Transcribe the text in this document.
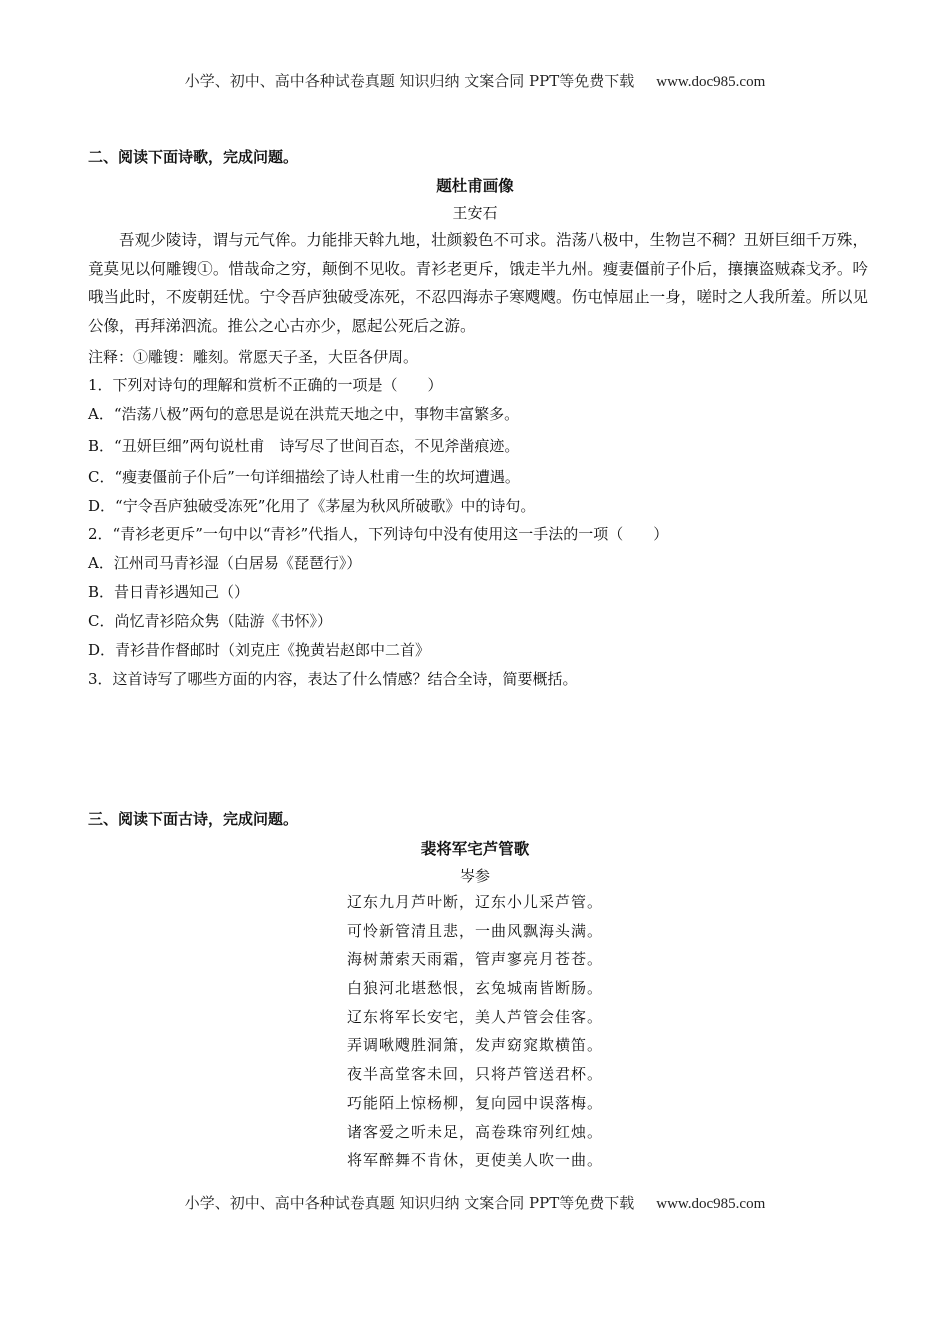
小学、初中、高中各种试卷真题 知识归纳 文案合同 PPT等免费下载 www.doc985.com
二、阅读下面诗歌，完成问题。
题杜甫画像
王安石
吾观少陵诗，谓与元气侔。力能排天斡九地，壮颜毅色不可求。浩荡八极中，生物岂不稠？丑妍巨细千万殊，竟莫见以何雕锼①。惜哉命之穷，颠倒不见收。青衫老更斥，饿走半九州。瘦妻僵前子仆后，攘攘盗贼森戈矛。吟哦当此时，不废朝廷忧。宁令吾庐独破受冻死，不忍四海赤子寒飕飕。伤屯悼屈止一身，嗟时之人我所羞。所以见公像，再拜涕泗流。推公之心古亦少，愿起公死后之游。
注释：①雕锼：雕刻。常愿天子圣，大臣各伊周。
1．下列对诗句的理解和赏析不正确的一项是（　　）
A．“浩荡八极”两句的意思是说在洪荒天地之中，事物丰富繁多。
B．“丑妍巨细”两句说杜甫　诗写尽了世间百态，不见斧凿痕迹。
C．“瘦妻僵前子仆后”一句详细描绘了诗人杜甫一生的坎坷遭遇。
D．“宁令吾庐独破受冻死”化用了《茅屋为秋风所破歌》中的诗句。
2．“青衫老更斥”一句中以“青衫”代指人，下列诗句中没有使用这一手法的一项（　　）
A．江州司马青衫湿（白居易《琵琶行》）
B．昔日青衫遇知己（）
C．尚忆青衫陪众隽（陆游《书怀》）
D．青衫昔作督邮时（刘克庄《挽黄岩赵郎中二首》
3．这首诗写了哪些方面的内容，表达了什么情感？结合全诗，简要概括。
三、阅读下面古诗，完成问题。
裴将军宅芦管歌
岑参
辽东九月芦叶断，辽东小儿采芦管。
可怜新管清且悲，一曲风飘海头满。
海树萧索天雨霜，管声寥亮月苍苍。
白狼河北堪愁恨，玄兔城南皆断肠。
辽东将军长安宅，美人芦管会佳客。
弄调啾飕胜洞箫，发声窈窕欺横笛。
夜半高堂客未回，只将芦管送君杯。
巧能陌上惊杨柳，复向园中误落梅。
诸客爱之听未足，高卷珠帘列红烛。
将军醉舞不肯休，更使美人吹一曲。
小学、初中、高中各种试卷真题 知识归纳 文案合同 PPT等免费下载 www.doc985.com
